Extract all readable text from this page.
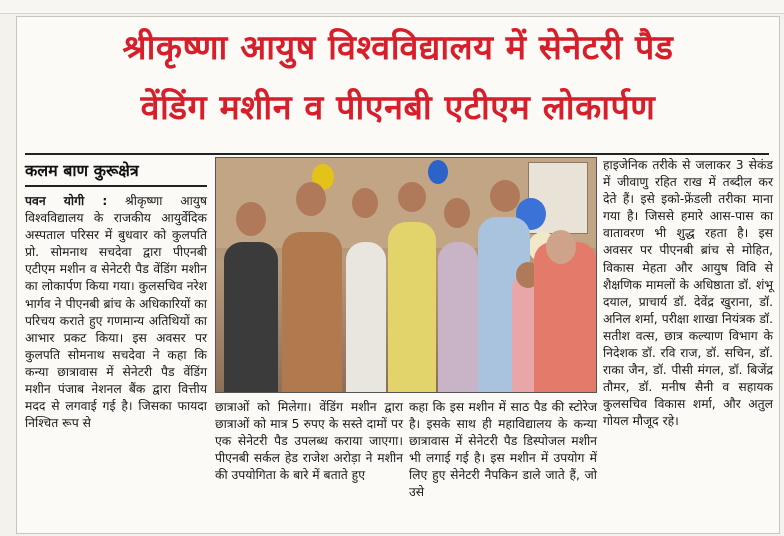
श्रीकृष्णा आयुष विश्वविद्यालय में सेनेटरी पैड
वेंडिंग मशीन व पीएनबी एटीएम लोकार्पण
कलम बाण कुरूक्षेत्र
पवन योगी : श्रीकृष्णा आयुष विश्वविद्यालय के राजकीय आयुर्वेदिक अस्पताल परिसर में बुधवार को कुलपति प्रो. सोमनाथ सचदेवा द्वारा पीएनबी एटीएम मशीन व सेनेटरी पैड वेंडिंग मशीन का लोकार्पण किया गया। कुलसचिव नरेश भार्गव ने पीएनबी ब्रांच के अधिकारियों का परिचय कराते हुए गणमान्य अतिथियों का आभार प्रकट किया। इस अवसर पर कुलपति सोमनाथ सचदेवा ने कहा कि कन्या छात्रावास में सेनेटरी पैड वेंडिंग मशीन पंजाब नेशनल बैंक द्वारा वित्तीय मदद से लगवाई गई है। जिसका फायदा निश्चित रूप से
छात्राओं को मिलेगा। वेंडिंग मशीन द्वारा छात्राओं को मात्र 5 रुपए के सस्ते दामों पर एक सेनेटरी पैड उपलब्ध कराया जाएगा। पीएनबी सर्कल हेड राजेश अरोड़ा ने मशीन की उपयोगिता के बारे में बताते हुए
कहा कि इस मशीन में साठ पैड की स्टोरेज है। इसके साथ ही महाविद्यालय के कन्या छात्रावास में सेनेटरी पैड डिस्पोजल मशीन भी लगाई गई है। इस मशीन में उपयोग में लिए हुए सेनेटरी नैपकिन डाले जाते हैं, जो उसे
हाइजेनिक तरीके से जलाकर 3 सेकंड में जीवाणु रहित राख में तब्दील कर देते हैं। इसे इको-फ्रेंडली तरीका माना गया है। जिससे हमारे आस-पास का वातावरण भी शुद्ध रहता है। इस अवसर पर पीएनबी ब्रांच से मोहित, विकास मेहता और आयुष विवि से शैक्षणिक मामलों के अधिष्ठाता डॉ. शंभू दयाल, प्राचार्य डॉ. देवेंद्र खुराना, डॉ. अनिल शर्मा, परीक्षा शाखा नियंत्रक डॉ. सतीश वत्स, छात्र कल्याण विभाग के निदेशक डॉ. रवि राज, डॉ. सचिन, डॉ. राका जैन, डॉ. पीसी मंगल, डॉ. बिजेंद्र तौमर, डॉ. मनीष सैनी व सहायक कुलसचिव विकास शर्मा, और अतुल गोयल मौजूद रहे।
